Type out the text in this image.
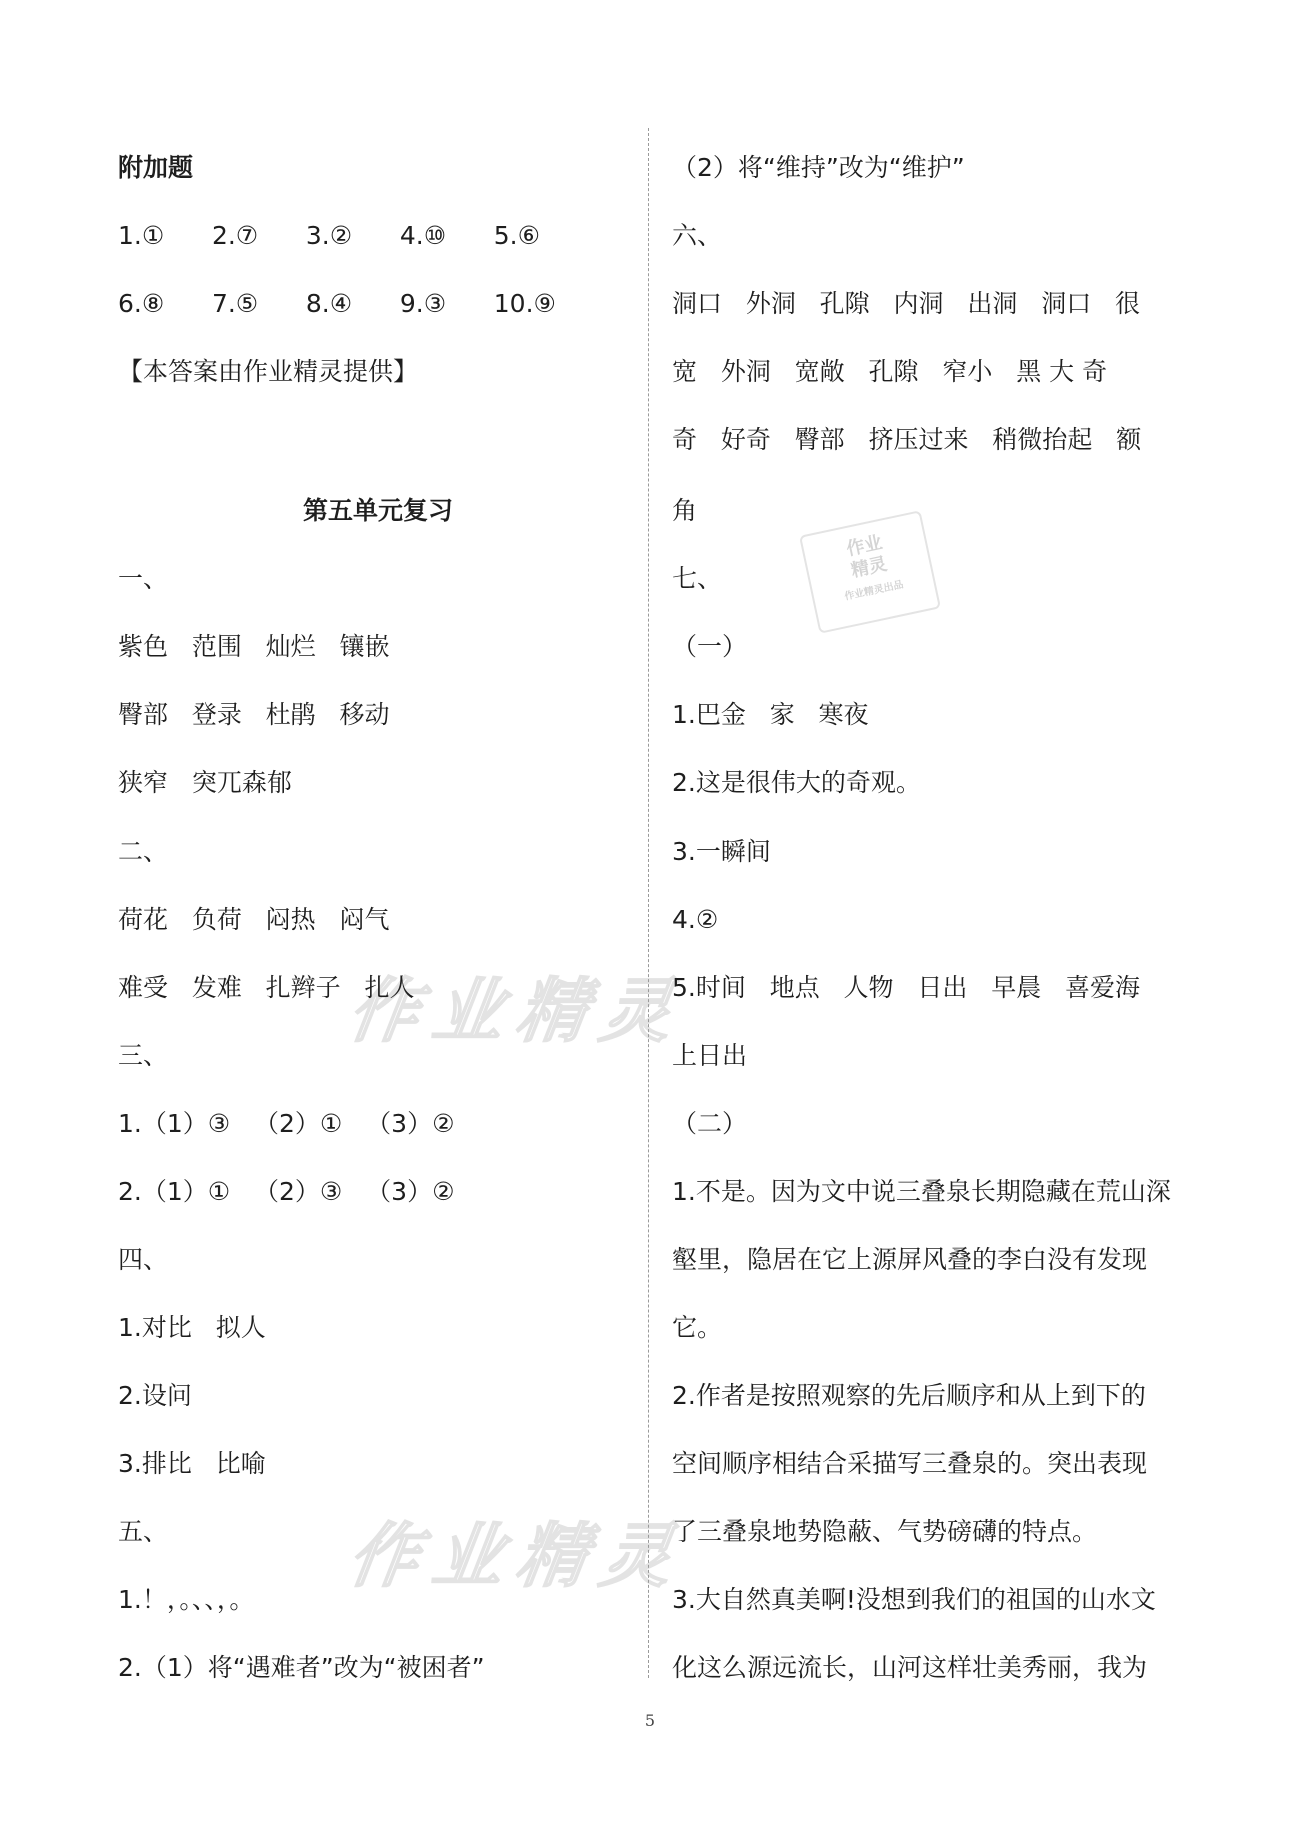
作业精灵
作业精灵
作业
精灵
作业精灵出品
附加题
1.①      2.⑦      3.②      4.⑩      5.⑥
6.⑧      7.⑤      8.④      9.③      10.⑨
【本答案由作业精灵提供】
第五单元复习
一、
紫色   范围   灿烂   镶嵌
臀部   登录   杜鹃   移动
狭窄   突兀森郁
二、
荷花   负荷   闷热   闷气
难受   发难   扎辫子   扎人
三、
1.（1）③   （2）①   （3）②
2.（1）①   （2）③   （3）②
四、
1.对比   拟人
2.设问
3.排比   比喻
五、
1.！，。、、，。
2.（1）将“遇难者”改为“被困者”
（2）将“维持”改为“维护”
六、
洞口   外洞   孔隙   内洞   出洞   洞口   很
宽   外洞   宽敞   孔隙   窄小   黑 大 奇
奇   好奇   臀部   挤压过来   稍微抬起   额
角
七、
（一）
1.巴金   家   寒夜
2.这是很伟大的奇观。
3.一瞬间
4.②
5.时间   地点   人物   日出   早晨   喜爱海
上日出
（二）
1.不是。因为文中说三叠泉长期隐藏在荒山深
壑里，隐居在它上源屏风叠的李白没有发现
它。
2.作者是按照观察的先后顺序和从上到下的
空间顺序相结合采描写三叠泉的。突出表现
了三叠泉地势隐蔽、气势磅礴的特点。
3.大自然真美啊!没想到我们的祖国的山水文
化这么源远流长，山河这样壮美秀丽，我为
5
